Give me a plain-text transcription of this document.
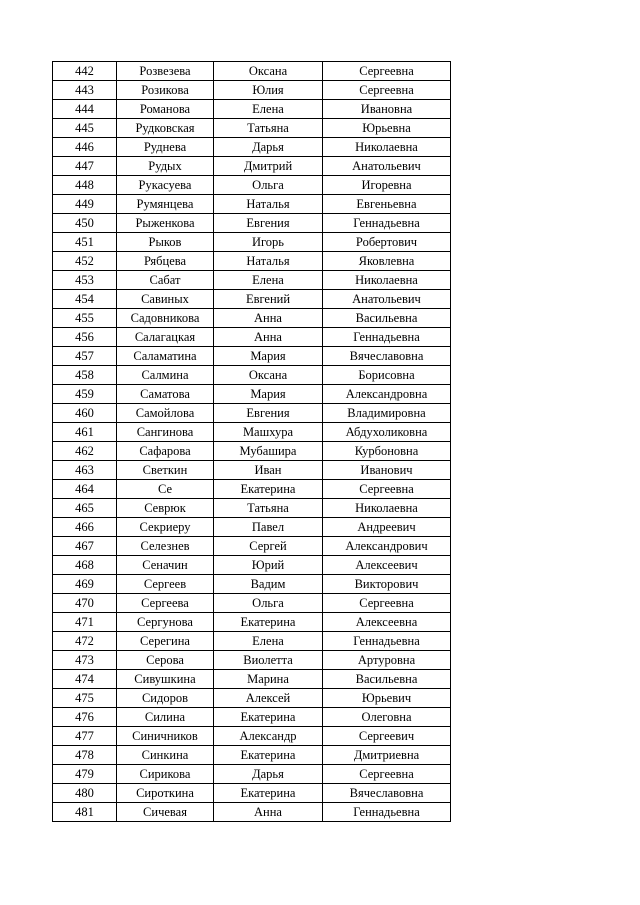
442	Розвезева	Оксана	Сергеевна
443	Розикова	Юлия	Сергеевна
444	Романова	Елена	Ивановна
445	Рудковская	Татьяна	Юрьевна
446	Руднева	Дарья	Николаевна
447	Рудых	Дмитрий	Анатольевич
448	Рукасуева	Ольга	Игоревна
449	Румянцева	Наталья	Евгеньевна
450	Рыженкова	Евгения	Геннадьевна
451	Рыков	Игорь	Робертович
452	Рябцева	Наталья	Яковлевна
453	Сабат	Елена	Николаевна
454	Савиных	Евгений	Анатольевич
455	Садовникова	Анна	Васильевна
456	Салагацкая	Анна	Геннадьевна
457	Саламатина	Мария	Вячеславовна
458	Салмина	Оксана	Борисовна
459	Саматова	Мария	Александровна
460	Самойлова	Евгения	Владимировна
461	Сангинова	Машхура	Абдухоликовна
462	Сафарова	Мубашира	Курбоновна
463	Светкин	Иван	Иванович
464	Се	Екатерина	Сергеевна
465	Севрюк	Татьяна	Николаевна
466	Секриеру	Павел	Андреевич
467	Селезнев	Сергей	Александрович
468	Сеначин	Юрий	Алексеевич
469	Сергеев	Вадим	Викторович
470	Сергеева	Ольга	Сергеевна
471	Сергунова	Екатерина	Алексеевна
472	Серегина	Елена	Геннадьевна
473	Серова	Виолетта	Артуровна
474	Сивушкина	Марина	Васильевна
475	Сидоров	Алексей	Юрьевич
476	Силина	Екатерина	Олеговна
477	Синичников	Александр	Сергеевич
478	Синкина	Екатерина	Дмитриевна
479	Сирикова	Дарья	Сергеевна
480	Сироткина	Екатерина	Вячеславовна
481	Сичевая	Анна	Геннадьевна
